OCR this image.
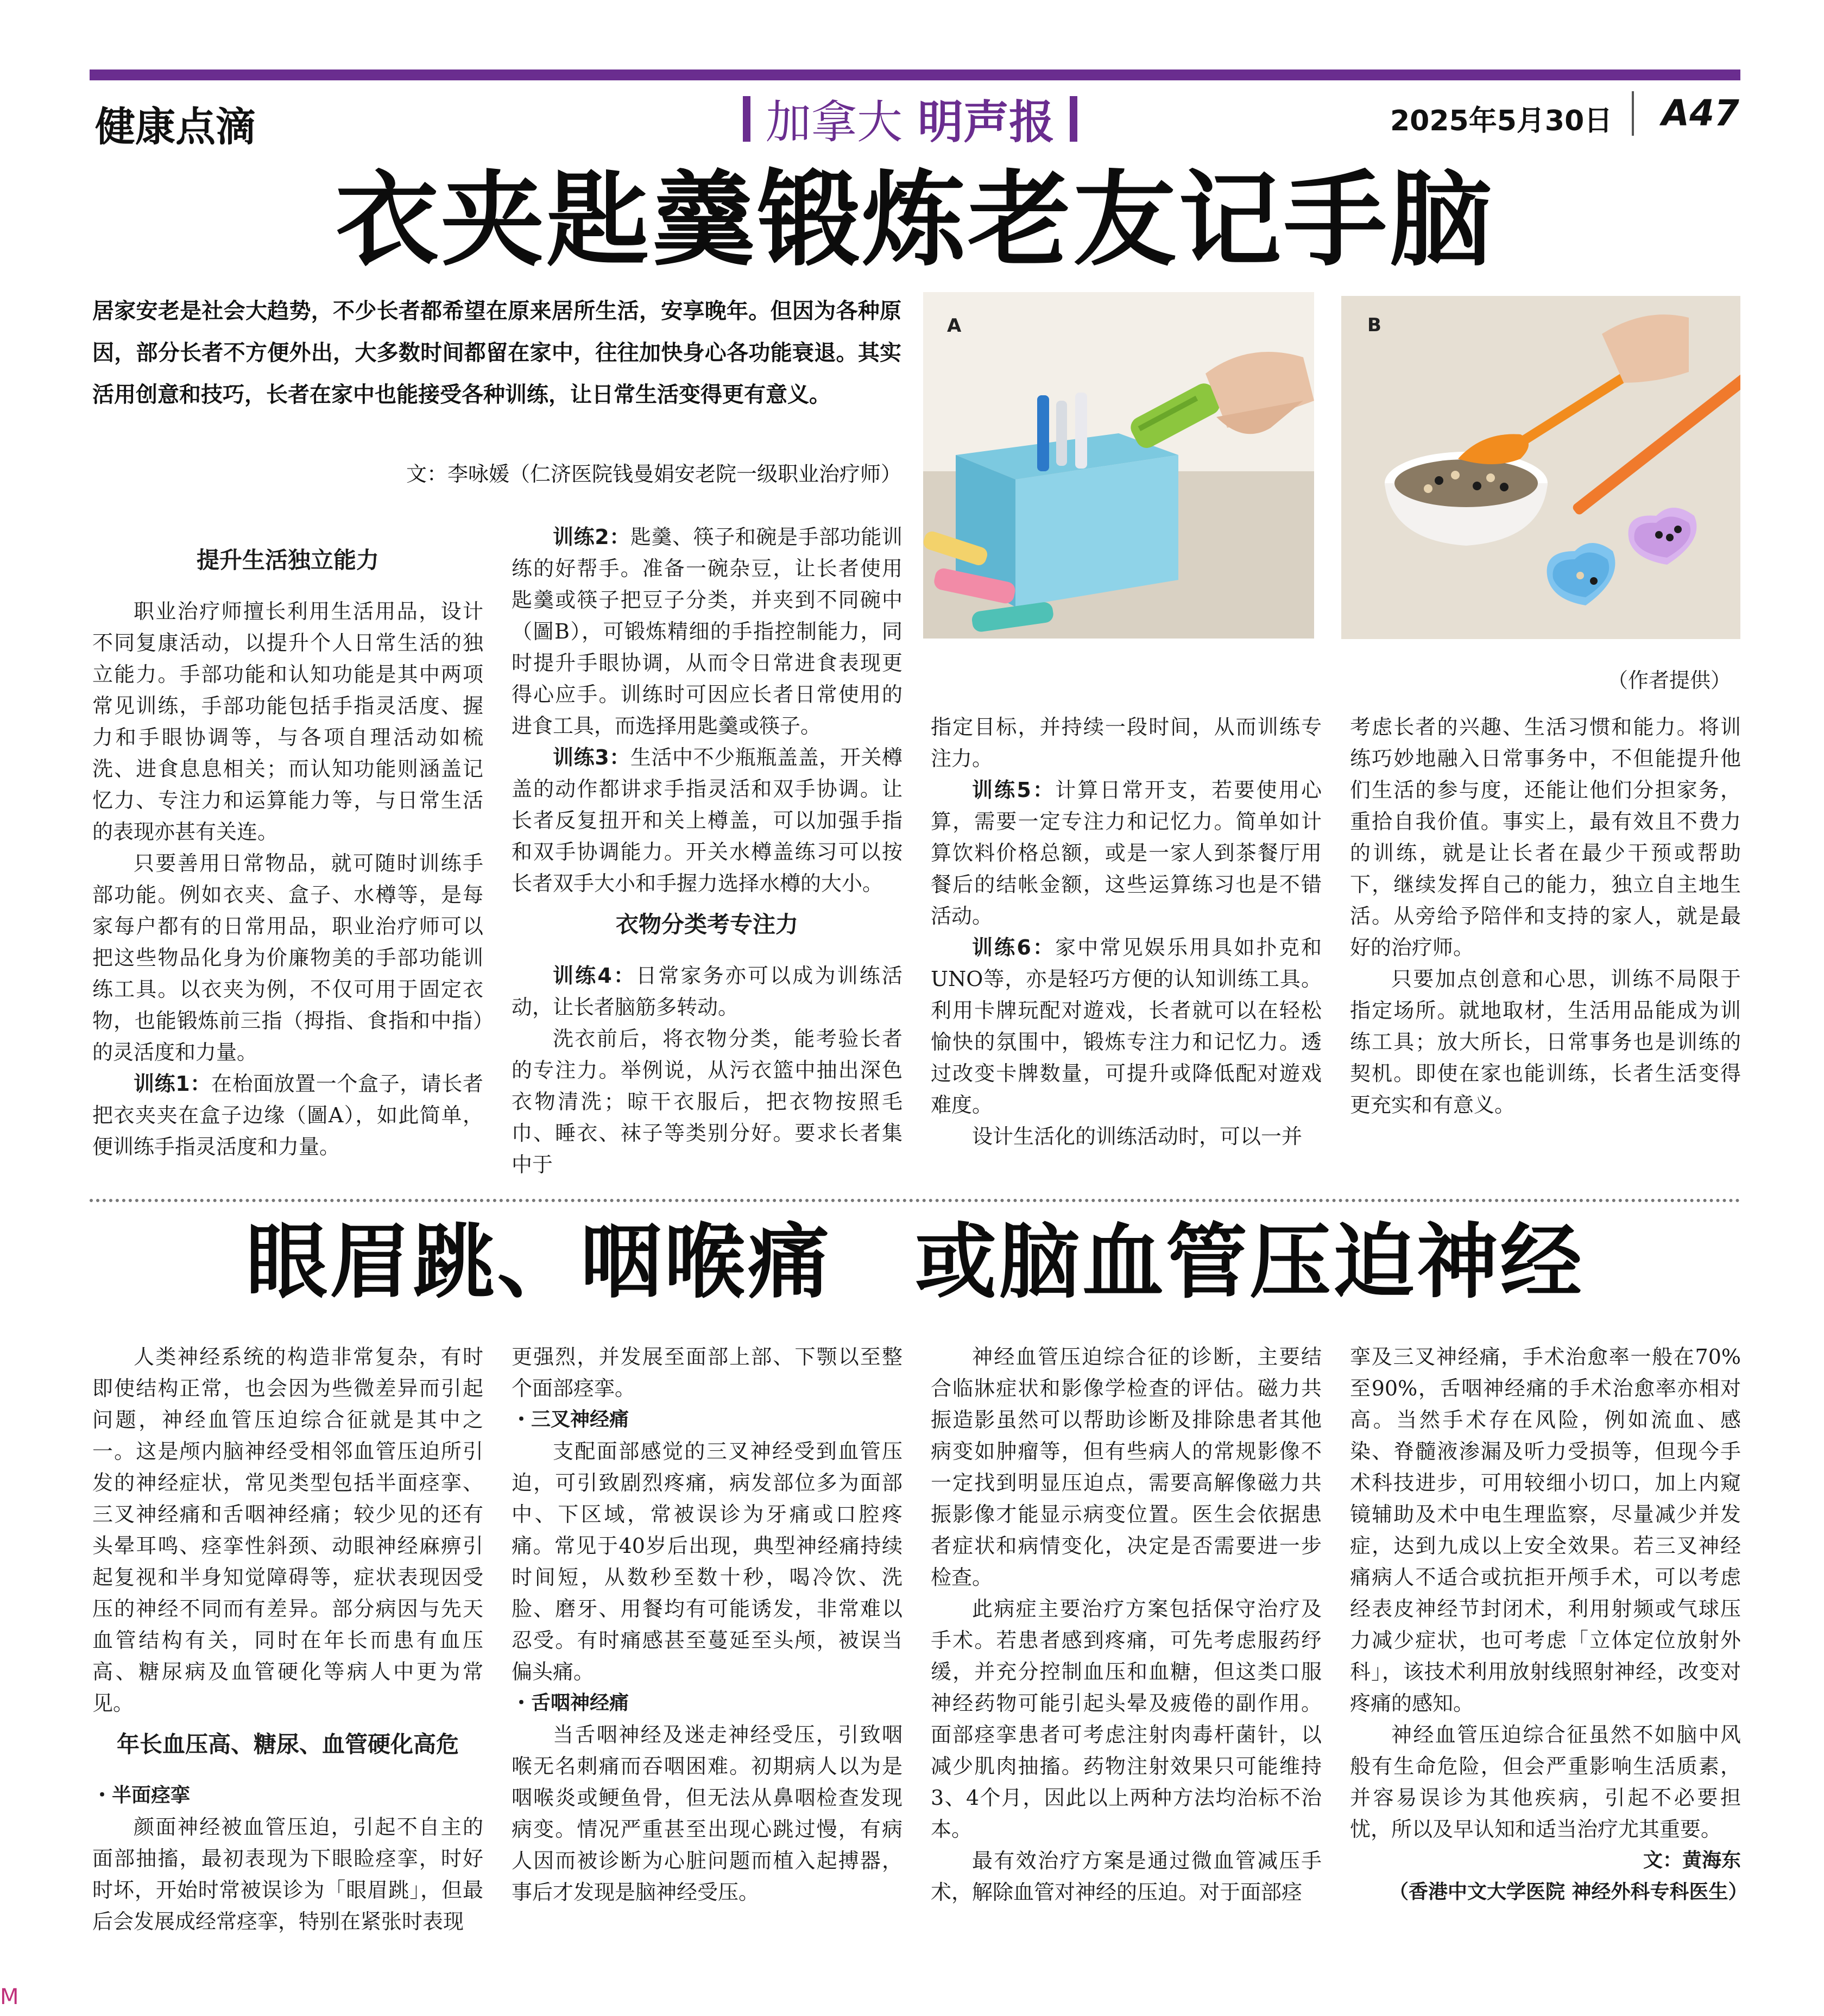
健康点滴	加拿大 明声报	2025年5月30日 A47
衣夹匙羹锻炼老友记手脑
居家安老是社会大趋势，不少长者都希望在原来居所生活，安享晚年。但因为各种原因，部分长者不方便外出，大多数时间都留在家中，往往加快身心各功能衰退。其实活用创意和技巧，长者在家中也能接受各种训练，让日常生活变得更有意义。
文：李咏媛（仁济医院钱曼娟安老院一级职业治疗师）
A	B
（作者提供）

提升生活独立能力

职业治疗师擅长利用生活用品，设计不同复康活动，以提升个人日常生活的独立能力。手部功能和认知功能是其中两项常见训练，手部功能包括手指灵活度、握力和手眼协调等，与各项自理活动如梳洗、进食息息相关；而认知功能则涵盖记忆力、专注力和运算能力等，与日常生活的表现亦甚有关连。

只要善用日常物品，就可随时训练手部功能。例如衣夹、盒子、水樽等，是每家每户都有的日常用品，职业治疗师可以把这些物品化身为价廉物美的手部功能训练工具。以衣夹为例，不仅可用于固定衣物，也能锻炼前三指（拇指、食指和中指）的灵活度和力量。

训练1：在枱面放置一个盒子，请长者把衣夹夹在盒子边缘（圖A），如此简单，便训练手指灵活度和力量。

训练2：匙羹、筷子和碗是手部功能训练的好帮手。准备一碗杂豆，让长者使用匙羹或筷子把豆子分类，并夹到不同碗中（圖B），可锻炼精细的手指控制能力，同时提升手眼协调，从而令日常进食表现更得心应手。训练时可因应长者日常使用的进食工具，而选择用匙羹或筷子。

训练3：生活中不少瓶瓶盖盖，开关樽盖的动作都讲求手指灵活和双手协调。让长者反复扭开和关上樽盖，可以加强手指和双手协调能力。开关水樽盖练习可以按长者双手大小和手握力选择水樽的大小。

衣物分类考专注力

训练4：日常家务亦可以成为训练活动，让长者脑筋多转动。

洗衣前后，将衣物分类，能考验长者的专注力。举例说，从污衣篮中抽出深色衣物清洗；晾干衣服后，把衣物按照毛巾、睡衣、袜子等类别分好。要求长者集中于

指定目标，并持续一段时间，从而训练专注力。

训练5：计算日常开支，若要使用心算，需要一定专注力和记忆力。简单如计算饮料价格总额，或是一家人到茶餐厅用餐后的结帐金额，这些运算练习也是不错活动。

训练6：家中常见娱乐用具如扑克和UNO等，亦是轻巧方便的认知训练工具。利用卡牌玩配对遊戏，长者就可以在轻松愉快的氛围中，锻炼专注力和记忆力。透过改变卡牌数量，可提升或降低配对遊戏难度。

设计生活化的训练活动时，可以一并

考虑长者的兴趣、生活习惯和能力。将训练巧妙地融入日常事务中，不但能提升他们生活的参与度，还能让他们分担家务，重拾自我价值。事实上，最有效且不费力的训练，就是让长者在最少干预或帮助下，继续发挥自己的能力，独立自主地生活。从旁给予陪伴和支持的家人，就是最好的治疗师。

只要加点创意和心思，训练不局限于指定场所。就地取材，生活用品能成为训练工具；放大所长，日常事务也是训练的契机。即使在家也能训练，长者生活变得更充实和有意义。

眼眉跳、咽喉痛　或脑血管压迫神经

人类神经系统的构造非常复杂，有时即使结构正常，也会因为些微差异而引起问题，神经血管压迫综合征就是其中之一。这是颅内脑神经受相邻血管压迫所引发的神经症状，常见类型包括半面痉挛、三叉神经痛和舌咽神经痛；较少见的还有头晕耳鸣、痉挛性斜颈、动眼神经麻痹引起复视和半身知觉障碍等，症状表现因受压的神经不同而有差异。部分病因与先天血管结构有关，同时在年长而患有血压高、糖尿病及血管硬化等病人中更为常见。

年长血压高、糖尿、血管硬化高危

・半面痉挛

颜面神经被血管压迫，引起不自主的面部抽搐，最初表现为下眼睑痉挛，时好时坏，开始时常被误诊为「眼眉跳」，但最后会发展成经常痉挛，特别在紧张时表现

更强烈，并发展至面部上部、下颚以至整个面部痉挛。

・三叉神经痛

支配面部感觉的三叉神经受到血管压迫，可引致剧烈疼痛，病发部位多为面部中、下区域，常被误诊为牙痛或口腔疼痛。常见于40岁后出现，典型神经痛持续时间短，从数秒至数十秒，喝冷饮、洗脸、磨牙、用餐均有可能诱发，非常难以忍受。有时痛感甚至蔓延至头颅，被误当偏头痛。

・舌咽神经痛

当舌咽神经及迷走神经受压，引致咽喉无名刺痛而吞咽困难。初期病人以为是咽喉炎或鲠鱼骨，但无法从鼻咽检查发现病变。情况严重甚至出现心跳过慢，有病人因而被诊断为心脏问题而植入起搏器，事后才发现是脑神经受压。

神经血管压迫综合征的诊断，主要结合临牀症状和影像学检查的评估。磁力共振造影虽然可以帮助诊断及排除患者其他病变如肿瘤等，但有些病人的常规影像不一定找到明显压迫点，需要高解像磁力共振影像才能显示病变位置。医生会依据患者症状和病情变化，决定是否需要进一步检查。

此病症主要治疗方案包括保守治疗及手术。若患者感到疼痛，可先考虑服药纾缓，并充分控制血压和血糖，但这类口服神经药物可能引起头晕及疲倦的副作用。面部痉挛患者可考虑注射肉毒杆菌针，以减少肌肉抽搐。药物注射效果只可能维持3、4个月，因此以上两种方法均治标不治本。

最有效治疗方案是通过微血管减压手术，解除血管对神经的压迫。对于面部痉

挛及三叉神经痛，手术治愈率一般在70%至90%，舌咽神经痛的手术治愈率亦相对高。当然手术存在风险，例如流血、感染、脊髓液渗漏及听力受损等，但现今手术科技进步，可用较细小切口，加上内窥镜辅助及术中电生理监察，尽量减少并发症，达到九成以上安全效果。若三叉神经痛病人不适合或抗拒开颅手术，可以考虑经表皮神经节封闭术，利用射频或气球压力减少症状，也可考虑「立体定位放射外科」，该技术利用放射线照射神经，改变对疼痛的感知。

神经血管压迫综合征虽然不如脑中风般有生命危险，但会严重影响生活质素，并容易误诊为其他疾病，引起不必要担忧，所以及早认知和适当治疗尤其重要。

文：黄海东

（香港中文大学医院 神经外科专科医生）

M
